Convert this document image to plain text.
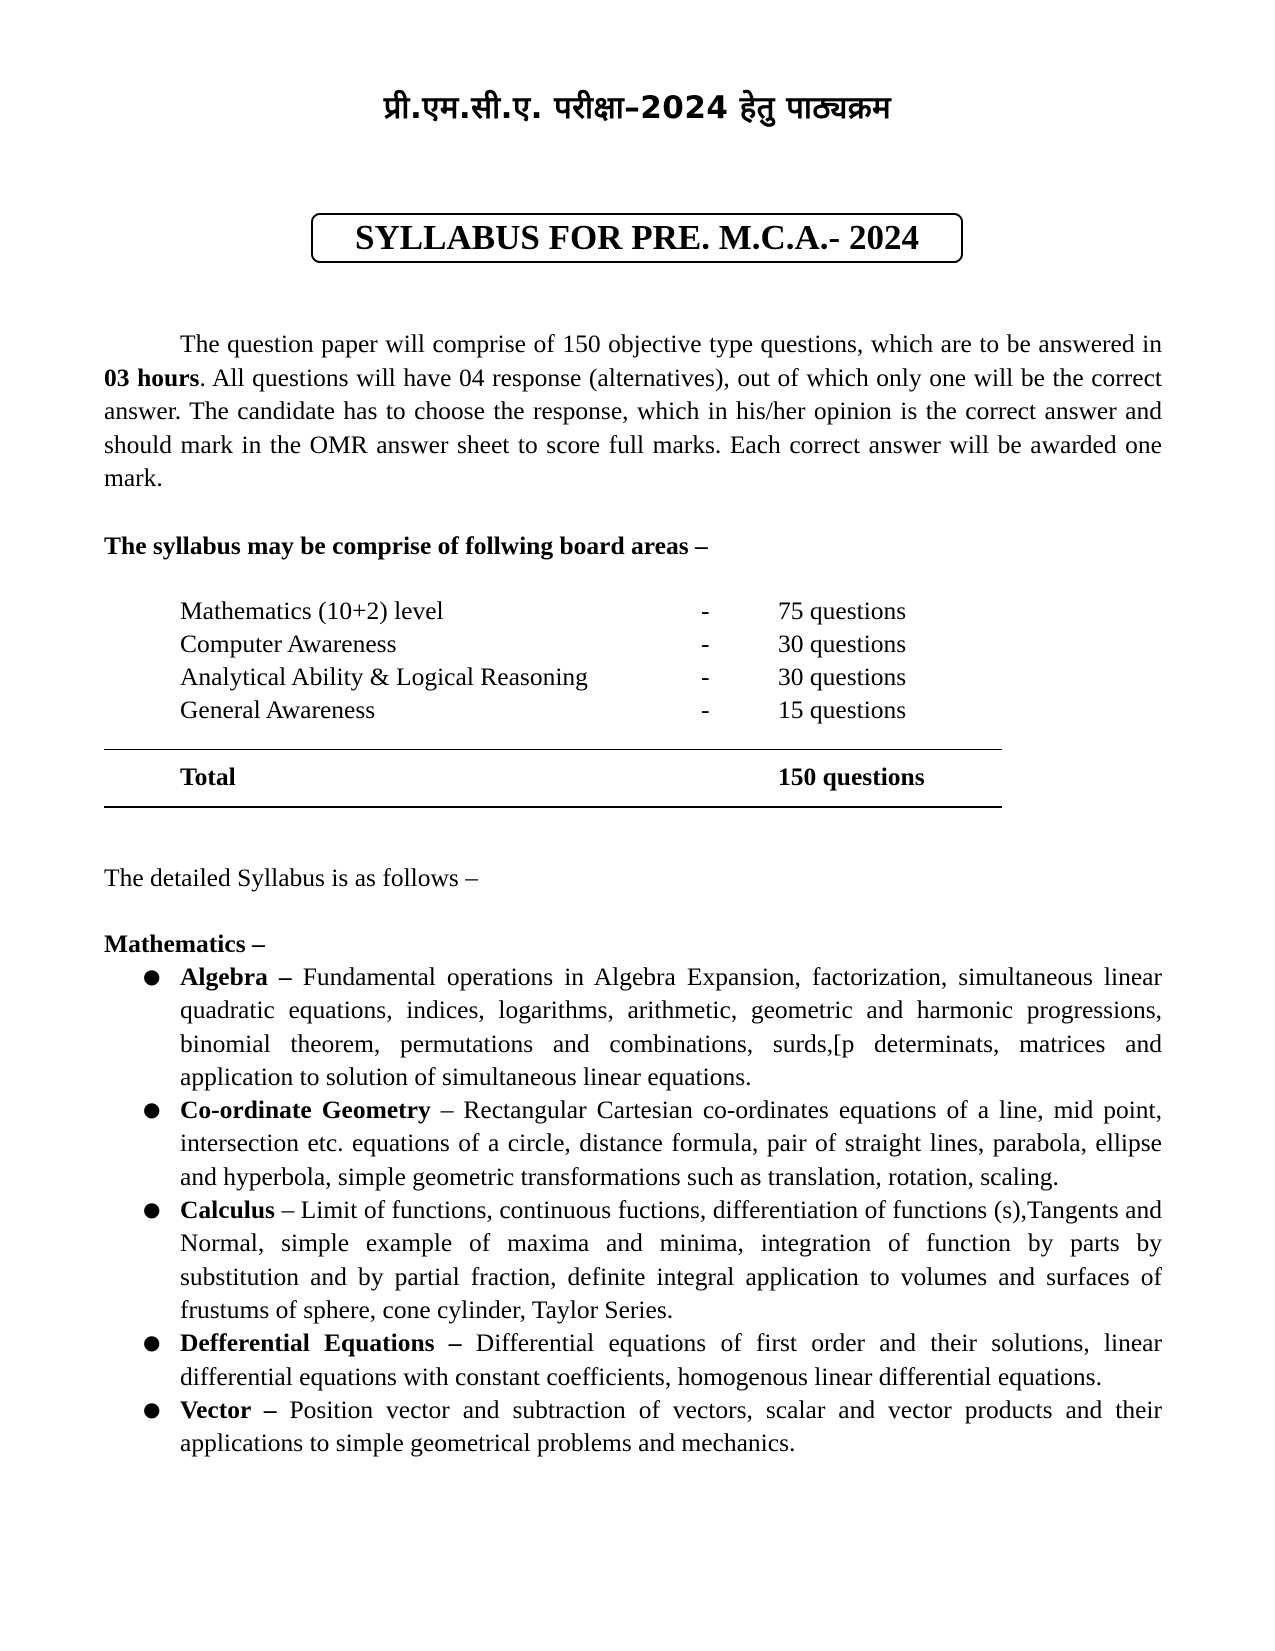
प्री.एम.सी.ए. परीक्षा–2024 हेतु पाठ्यक्रम
SYLLABUS FOR PRE. M.C.A.- 2024

The question paper will comprise of 150 objective type questions, which are to be answered in 03 hours. All questions will have 04 response (alternatives), out of which only one will be the correct answer. The candidate has to choose the response, which in his/her opinion is the correct answer and should mark in the OMR answer sheet to score full marks. Each correct answer will be awarded one mark.

The syllabus may be comprise of follwing board areas –
Mathematics (10+2) level	-	75 questions
Computer Awareness	-	30 questions
Analytical Ability & Logical Reasoning	-	30 questions
General Awareness	-	15 questions
Total	150 questions
The detailed Syllabus is as follows –
Mathematics –
● Algebra – Fundamental operations in Algebra Expansion, factorization, simultaneous linear quadratic equations, indices, logarithms, arithmetic, geometric and harmonic progressions, binomial theorem, permutations and combinations, surds,[p determinats, matrices and application to solution of simultaneous linear equations.
● Co-ordinate Geometry – Rectangular Cartesian co-ordinates equations of a line, mid point, intersection etc. equations of a circle, distance formula, pair of straight lines, parabola, ellipse and hyperbola, simple geometric transformations such as translation, rotation, scaling.
● Calculus – Limit of functions, continuous fuctions, differentiation of functions (s),Tangents and Normal, simple example of maxima and minima, integration of function by parts by substitution and by partial fraction, definite integral application to volumes and surfaces of frustums of sphere, cone cylinder, Taylor Series.
● Defferential Equations – Differential equations of first order and their solutions, linear differential equations with constant coefficients, homogenous linear differential equations.
● Vector – Position vector and subtraction of vectors, scalar and vector products and their applications to simple geometrical problems and mechanics.
